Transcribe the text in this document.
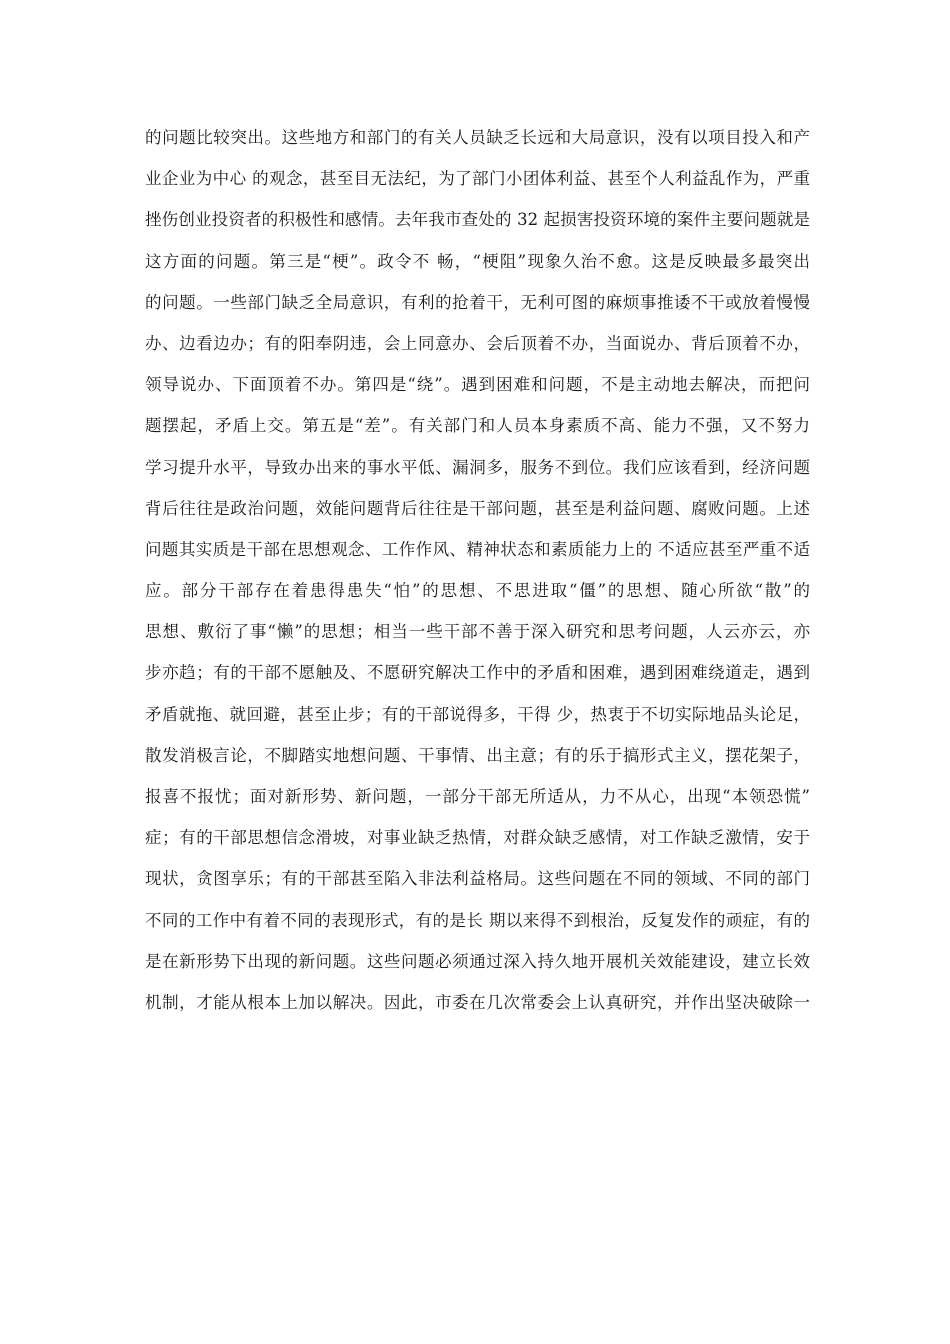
的问题比较突出。这些地方和部门的有关人员缺乏长远和大局意识，没有以项目投入和产
业企业为中心 的观念，甚至目无法纪，为了部门小团体利益、甚至个人利益乱作为，严重
挫伤创业投资者的积极性和感情。去年我市查处的 32 起损害投资环境的案件主要问题就是
这方面的问题。第三是“梗”。政令不 畅，“梗阻”现象久治不愈。这是反映最多最突出
的问题。一些部门缺乏全局意识，有利的抢着干，无利可图的麻烦事推诿不干或放着慢慢
办、边看边办；有的阳奉阴违，会上同意办、会后顶着不办，当面说办、背后顶着不办，
领导说办、下面顶着不办。第四是“绕”。遇到困难和问题，不是主动地去解决，而把问
题摆起，矛盾上交。第五是“差”。有关部门和人员本身素质不高、能力不强，又不努力
学习提升水平，导致办出来的事水平低、漏洞多，服务不到位。我们应该看到，经济问题
背后往往是政治问题，效能问题背后往往是干部问题，甚至是利益问题、腐败问题。上述
问题其实质是干部在思想观念、工作作风、精神状态和素质能力上的 不适应甚至严重不适
应。部分干部存在着患得患失“怕”的思想、不思进取“僵”的思想、随心所欲“散”的
思想、敷衍了事“懒”的思想；相当一些干部不善于深入研究和思考问题，人云亦云，亦
步亦趋；有的干部不愿触及、不愿研究解决工作中的矛盾和困难，遇到困难绕道走，遇到
矛盾就拖、就回避，甚至止步；有的干部说得多，干得 少，热衷于不切实际地品头论足，
散发消极言论，不脚踏实地想问题、干事情、出主意；有的乐于搞形式主义，摆花架子，
报喜不报忧；面对新形势、新问题，一部分干部无所适从，力不从心，出现“本领恐慌”
症；有的干部思想信念滑坡，对事业缺乏热情，对群众缺乏感情，对工作缺乏激情，安于
现状，贪图享乐；有的干部甚至陷入非法利益格局。这些问题在不同的领域、不同的部门
不同的工作中有着不同的表现形式，有的是长 期以来得不到根治，反复发作的顽症，有的
是在新形势下出现的新问题。这些问题必须通过深入持久地开展机关效能建设，建立长效
机制，才能从根本上加以解决。因此，市委在几次常委会上认真研究，并作出坚决破除一
